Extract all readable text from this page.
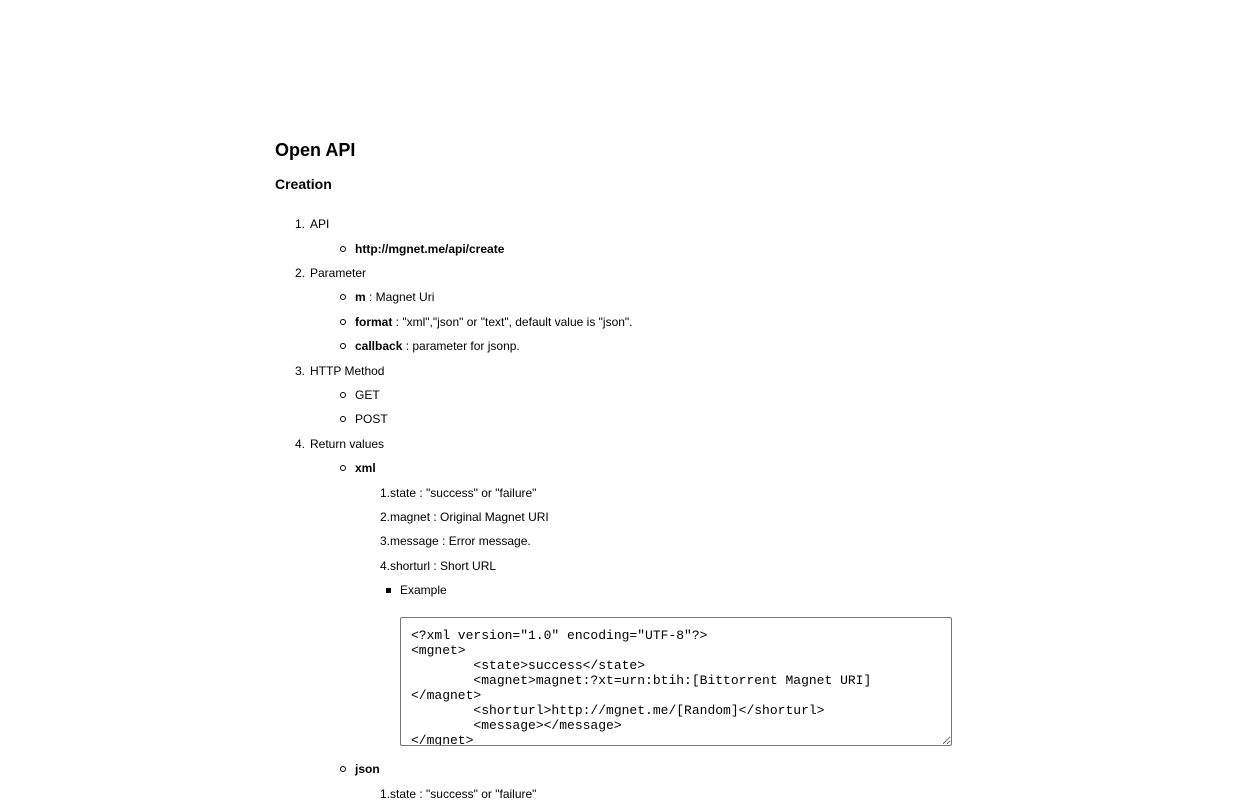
Open API
Creation
1. API
http://mgnet.me/api/create
2. Parameter
m : Magnet Uri
format : "xml","json" or "text", default value is "json".
callback : parameter for jsonp.
3. HTTP Method
GET
POST
4. Return values
xml
1. state : "success" or "failure"
2. magnet : Original Magnet URI
3. message : Error message.
4. shorturl : Short URL
Example
<?xml version="1.0" encoding="UTF-8"?> <mgnet> <state>success</state> <magnet>magnet:?xt=urn:btih:[Bittorrent Magnet URI] </magnet> <shorturl>http://mgnet.me/[Random]</shorturl> <message></message> </mgnet>
json
1. state : "success" or "failure"
